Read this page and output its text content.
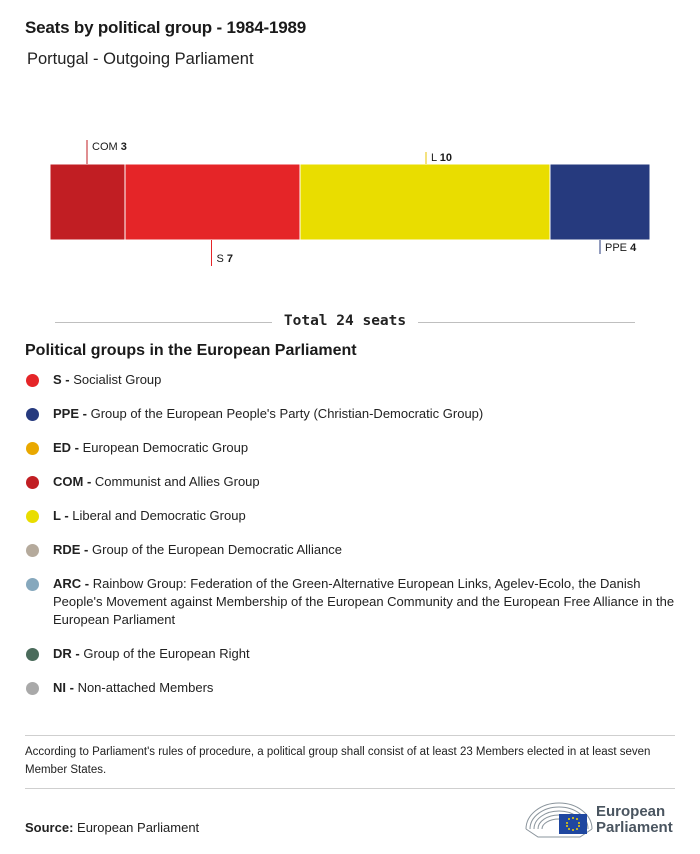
Seats by political group - 1984-1989
Portugal - Outgoing Parliament
COM 3
S 7
L 10
PPE 4
Total 24 seats
Political groups in the European Parliament
S - Socialist Group
PPE - Group of the European People's Party (Christian-Democratic Group)
ED - European Democratic Group
COM - Communist and Allies Group
L - Liberal and Democratic Group
RDE - Group of the European Democratic Alliance
ARC - Rainbow Group: Federation of the Green-Alternative European Links, Agelev-Ecolo, the Danish People's Movement against Membership of the European Community and the European Free Alliance in the European Parliament
DR - Group of the European Right
NI - Non-attached Members
According to Parliament's rules of procedure, a political group shall consist of at least 23 Members elected in at least seven Member States.
Source: European Parliament
European
Parliament
